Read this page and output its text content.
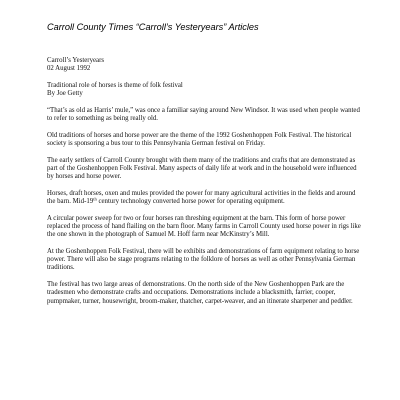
Carroll County Times “Carroll’s Yesteryears” Articles

Carroll’s Yesteryears

02 August 1992

Traditional role of horses is theme of folk festival

By Joe Getty

“That’s as old as Harris’ mule,” was once a familiar saying around New Windsor. It was used when people wanted to refer to something as being really old.

Old traditions of horses and horse power are the theme of the 1992 Goshenhoppen Folk Festival. The historical society is sponsoring a bus tour to this Pennsylvania German festival on Friday.

The early settlers of Carroll County brought with them many of the traditions and crafts that are demonstrated as part of the Goshenhoppen Folk Festival. Many aspects of daily life at work and in the household were influenced by horses and horse power.

Horses, draft horses, oxen and mules provided the power for many agricultural activities in the fields and around the barn. Mid-19th century technology converted horse power for operating equipment.

A circular power sweep for two or four horses ran threshing equipment at the barn. This form of horse power replaced the process of hand flailing on the barn floor. Many farms in Carroll County used horse power in rigs like the one shown in the photograph of Samuel M. Hoff farm near McKinstry’s Mill.

At the Goshenhoppen Folk Festival, there will be exhibits and demonstrations of farm equipment relating to horse power. There will also be stage programs relating to the folklore of horses as well as other Pennsylvania German traditions.

The festival has two large areas of demonstrations. On the north side of the New Goshenhoppen Park are the tradesmen who demonstrate crafts and occupations. Demonstrations include a blacksmith, farrier, cooper, pumpmaker, turner, housewright, broom-maker, thatcher, carpet-weaver, and an itinerate sharpener and peddler.
